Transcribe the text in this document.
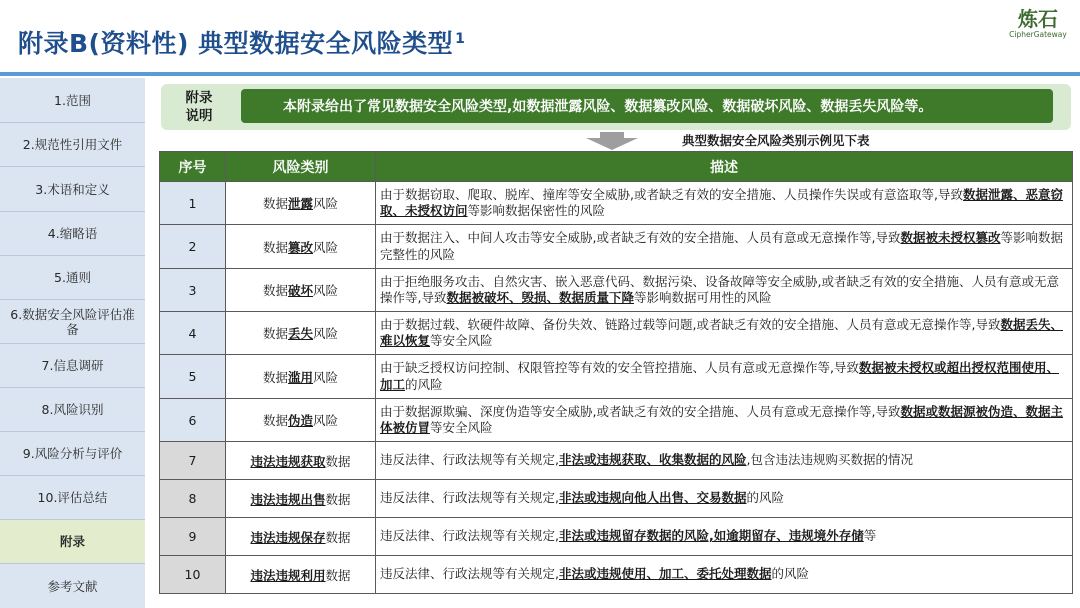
附录B(资料性) 典型数据安全风险类型 $^1$
炼石
CipherGateway
1.范围
2.规范性引用文件
3.术语和定义
4.缩略语
5.通则
6.数据安全风险评估准备
7.信息调研
8.风险识别
9.风险分析与评价
10.评估总结
附录
参考文献
附录
说明
本附录给出了常见数据安全风险类型,如数据泄露风险、数据篡改风险、数据破坏风险、数据丢失风险等。
典型数据安全风险类别示例见下表
序号	风险类别	描述
1	数据泄露风险	由于数据窃取、爬取、脱库、撞库等安全威胁,或者缺乏有效的安全措施、人员操作失误或有意盗取等,导致数据泄露、恶意窃取、未授权访问等影响数据保密性的风险
2	数据篡改风险	由于数据注入、中间人攻击等安全威胁,或者缺乏有效的安全措施、人员有意或无意操作等,导致数据被未授权篡改等影响数据完整性的风险
3	数据破坏风险	由于拒绝服务攻击、自然灾害、嵌入恶意代码、数据污染、设备故障等安全威胁,或者缺乏有效的安全措施、人员有意或无意操作等,导致数据被破坏、毁损、数据质量下降等影响数据可用性的风险
4	数据丢失风险	由于数据过载、软硬件故障、备份失效、链路过载等问题,或者缺乏有效的安全措施、人员有意或无意操作等,导致数据丢失、难以恢复等安全风险
5	数据滥用风险	由于缺乏授权访问控制、权限管控等有效的安全管控措施、人员有意或无意操作等,导致数据被未授权或超出授权范围使用、加工的风险
6	数据伪造风险	由于数据源欺骗、深度伪造等安全威胁,或者缺乏有效的安全措施、人员有意或无意操作等,导致数据或数据源被伪造、数据主体被仿冒等安全风险
7	违法违规获取数据	违反法律、行政法规等有关规定,非法或违规获取、收集数据的风险,包含违法违规购买数据的情况
8	违法违规出售数据	违反法律、行政法规等有关规定,非法或违规向他人出售、交易数据的风险
9	违法违规保存数据	违反法律、行政法规等有关规定,非法或违规留存数据的风险,如逾期留存、违规境外存储等
10	违法违规利用数据	违反法律、行政法规等有关规定,非法或违规使用、加工、委托处理数据的风险
